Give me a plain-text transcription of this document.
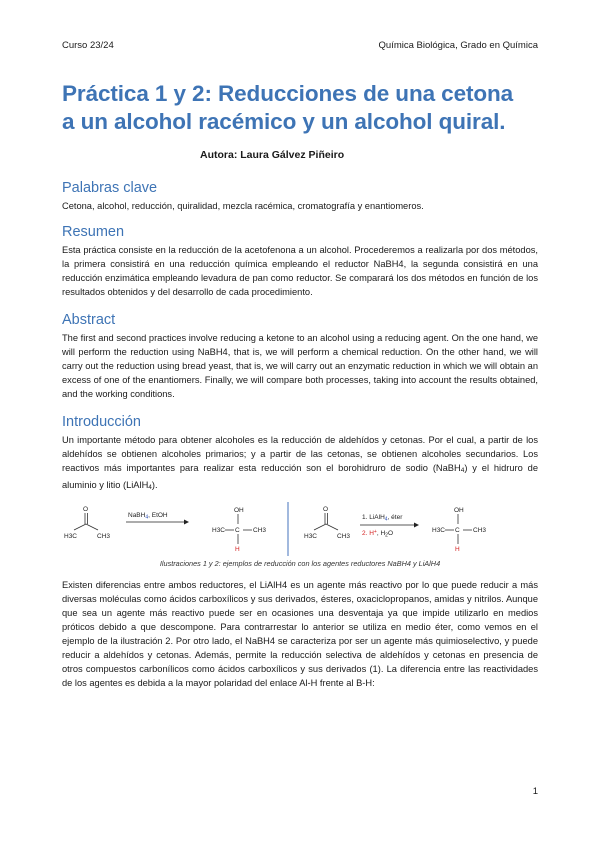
Curso 23/24	Química Biológica, Grado en Química
Práctica 1 y 2: Reducciones de una cetona
a un alcohol racémico y un alcohol quiral.
Autora: Laura Gálvez Piñeiro
Palabras clave

Cetona, alcohol, reducción, quiralidad, mezcla racémica, cromatografía y enantiomeros.

Resumen

Esta práctica consiste en la reducción de la acetofenona a un alcohol. Procederemos a realizarla por dos métodos, la primera consistirá en una reducción química empleando el reductor NaBH4, la segunda consistirá en una reducción enzimática empleando levadura de pan como reductor. Se comparará los dos métodos en función de los resultados obtenidos y del desarrollo de cada procedimiento.

Abstract

The first and second practices involve reducing a ketone to an alcohol using a reducing agent. On the one hand, we will perform the reduction using NaBH4, that is, we will perform a chemical reduction. On the other hand, we will carry out the reduction using bread yeast, that is, we will carry out an enzymatic reduction in which we will obtain an excess of one of the enantiomers. Finally, we will compare both processes, taking into account the results obtained, and the working conditions.

Introducción

Un importante método para obtener alcoholes es la reducción de aldehídos y cetonas. Por el cual, a partir de los aldehídos se obtienen alcoholes primarios; y a partir de las cetonas, se obtienen alcoholes secundarios. Los reactivos más importantes para realizar esta reducción son el borohidruro de sodio (NaBH4) y el hidruro de aluminio y litio (LiAlH4).

O
H3C	CH3
NaBH$_4$, EtOH
OH
H3C C CH3
H
O
H3C	CH3
1. LiAlH$_4$, éter
2. H+, $H_2O$
OH
H3C C CH3
H
Ilustraciones 1 y 2: ejemplos de reducción con los agentes reductores NaBH4 y LiAlH4

Existen diferencias entre ambos reductores, el LiAlH4 es un agente más reactivo por lo que puede reducir a más diversas moléculas como ácidos carboxílicos y sus derivados, ésteres, oxaciclopropanos, amidas y nitrilos. Aunque que sea un agente más reactivo puede ser en ocasiones una desventaja ya que impide utilizarlo en medios próticos debido a que descompone. Para contrarrestar lo anterior se utiliza en medio éter, como vemos en el ejemplo de la ilustración 2. Por otro lado, el NaBH4 se caracteriza por ser un agente más quimioselectivo, y puede reducir a aldehídos y cetonas. Además, permite la reducción selectiva de aldehídos y cetonas en presencia de otros compuestos carbonílicos como ácidos carboxílicos y sus derivados (1). La diferencia entre las reactividades de los agentes es debida a la mayor polaridad del enlace Al-H frente al B-H:

1
